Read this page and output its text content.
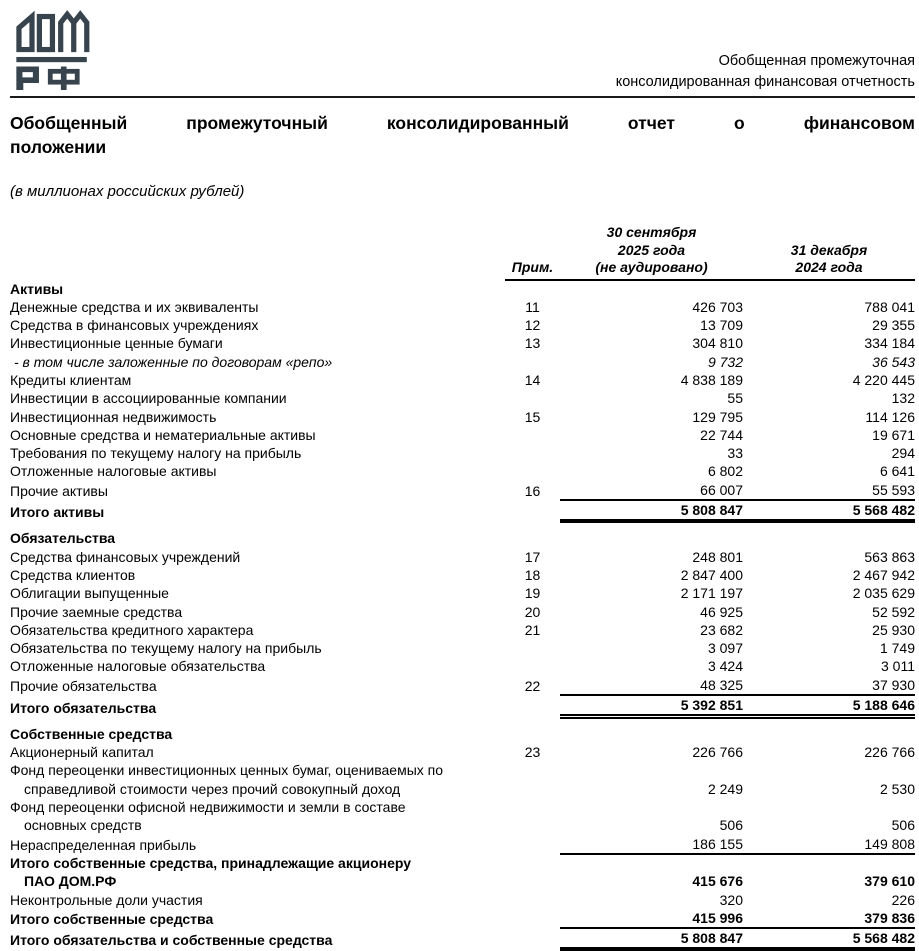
Обобщенная промежуточная
консолидированная финансовая отчетность
Обобщенный промежуточный консолидированный отчет о финансовом
положении
(в миллионах российских рублей)

Прим.

30 сентября
2025 года
(не аудировано)

31 декабря
2024 года

Активы			

Денежные средства и их эквиваленты	11	426 703	788 041

Средства в финансовых учреждениях	12	13 709	29 355

Инвестиционные ценные бумаги	13	304 810	334 184

- в том числе заложенные по договорам «репо»		9 732	36 543

Кредиты клиентам	14	4 838 189	4 220 445

Инвестиции в ассоциированные компании		55	132

Инвестиционная недвижимость	15	129 795	114 126

Основные средства и нематериальные активы		22 744	19 671

Требования по текущему налогу на прибыль		33	294

Отложенные налоговые активы		6 802	6 641

Прочие активы	16	66 007	55 593

Итого активы		5 808 847	5 568 482

Обязательства			

Средства финансовых учреждений	17	248 801	563 863

Средства клиентов	18	2 847 400	2 467 942

Облигации выпущенные	19	2 171 197	2 035 629

Прочие заемные средства	20	46 925	52 592

Обязательства кредитного характера	21	23 682	25 930

Обязательства по текущему налогу на прибыль		3 097	1 749

Отложенные налоговые обязательства		3 424	3 011

Прочие обязательства	22	48 325	37 930

Итого обязательства		5 392 851	5 188 646

Собственные средства			

Акционерный капитал	23	226 766	226 766

Фонд переоценки инвестиционных ценных бумаг, оцениваемых по
справедливой стоимости через прочий совокупный доход		2 249	2 530

Фонд переоценки офисной недвижимости и земли в составе
основных средств		506	506

Нераспределенная прибыль		186 155	149 808

Итого собственные средства, принадлежащие акционеру
ПАО ДОМ.РФ		415 676	379 610

Неконтрольные доли участия		320	226

Итого собственные средства		415 996	379 836

Итого обязательства и собственные средства		5 808 847	5 568 482
